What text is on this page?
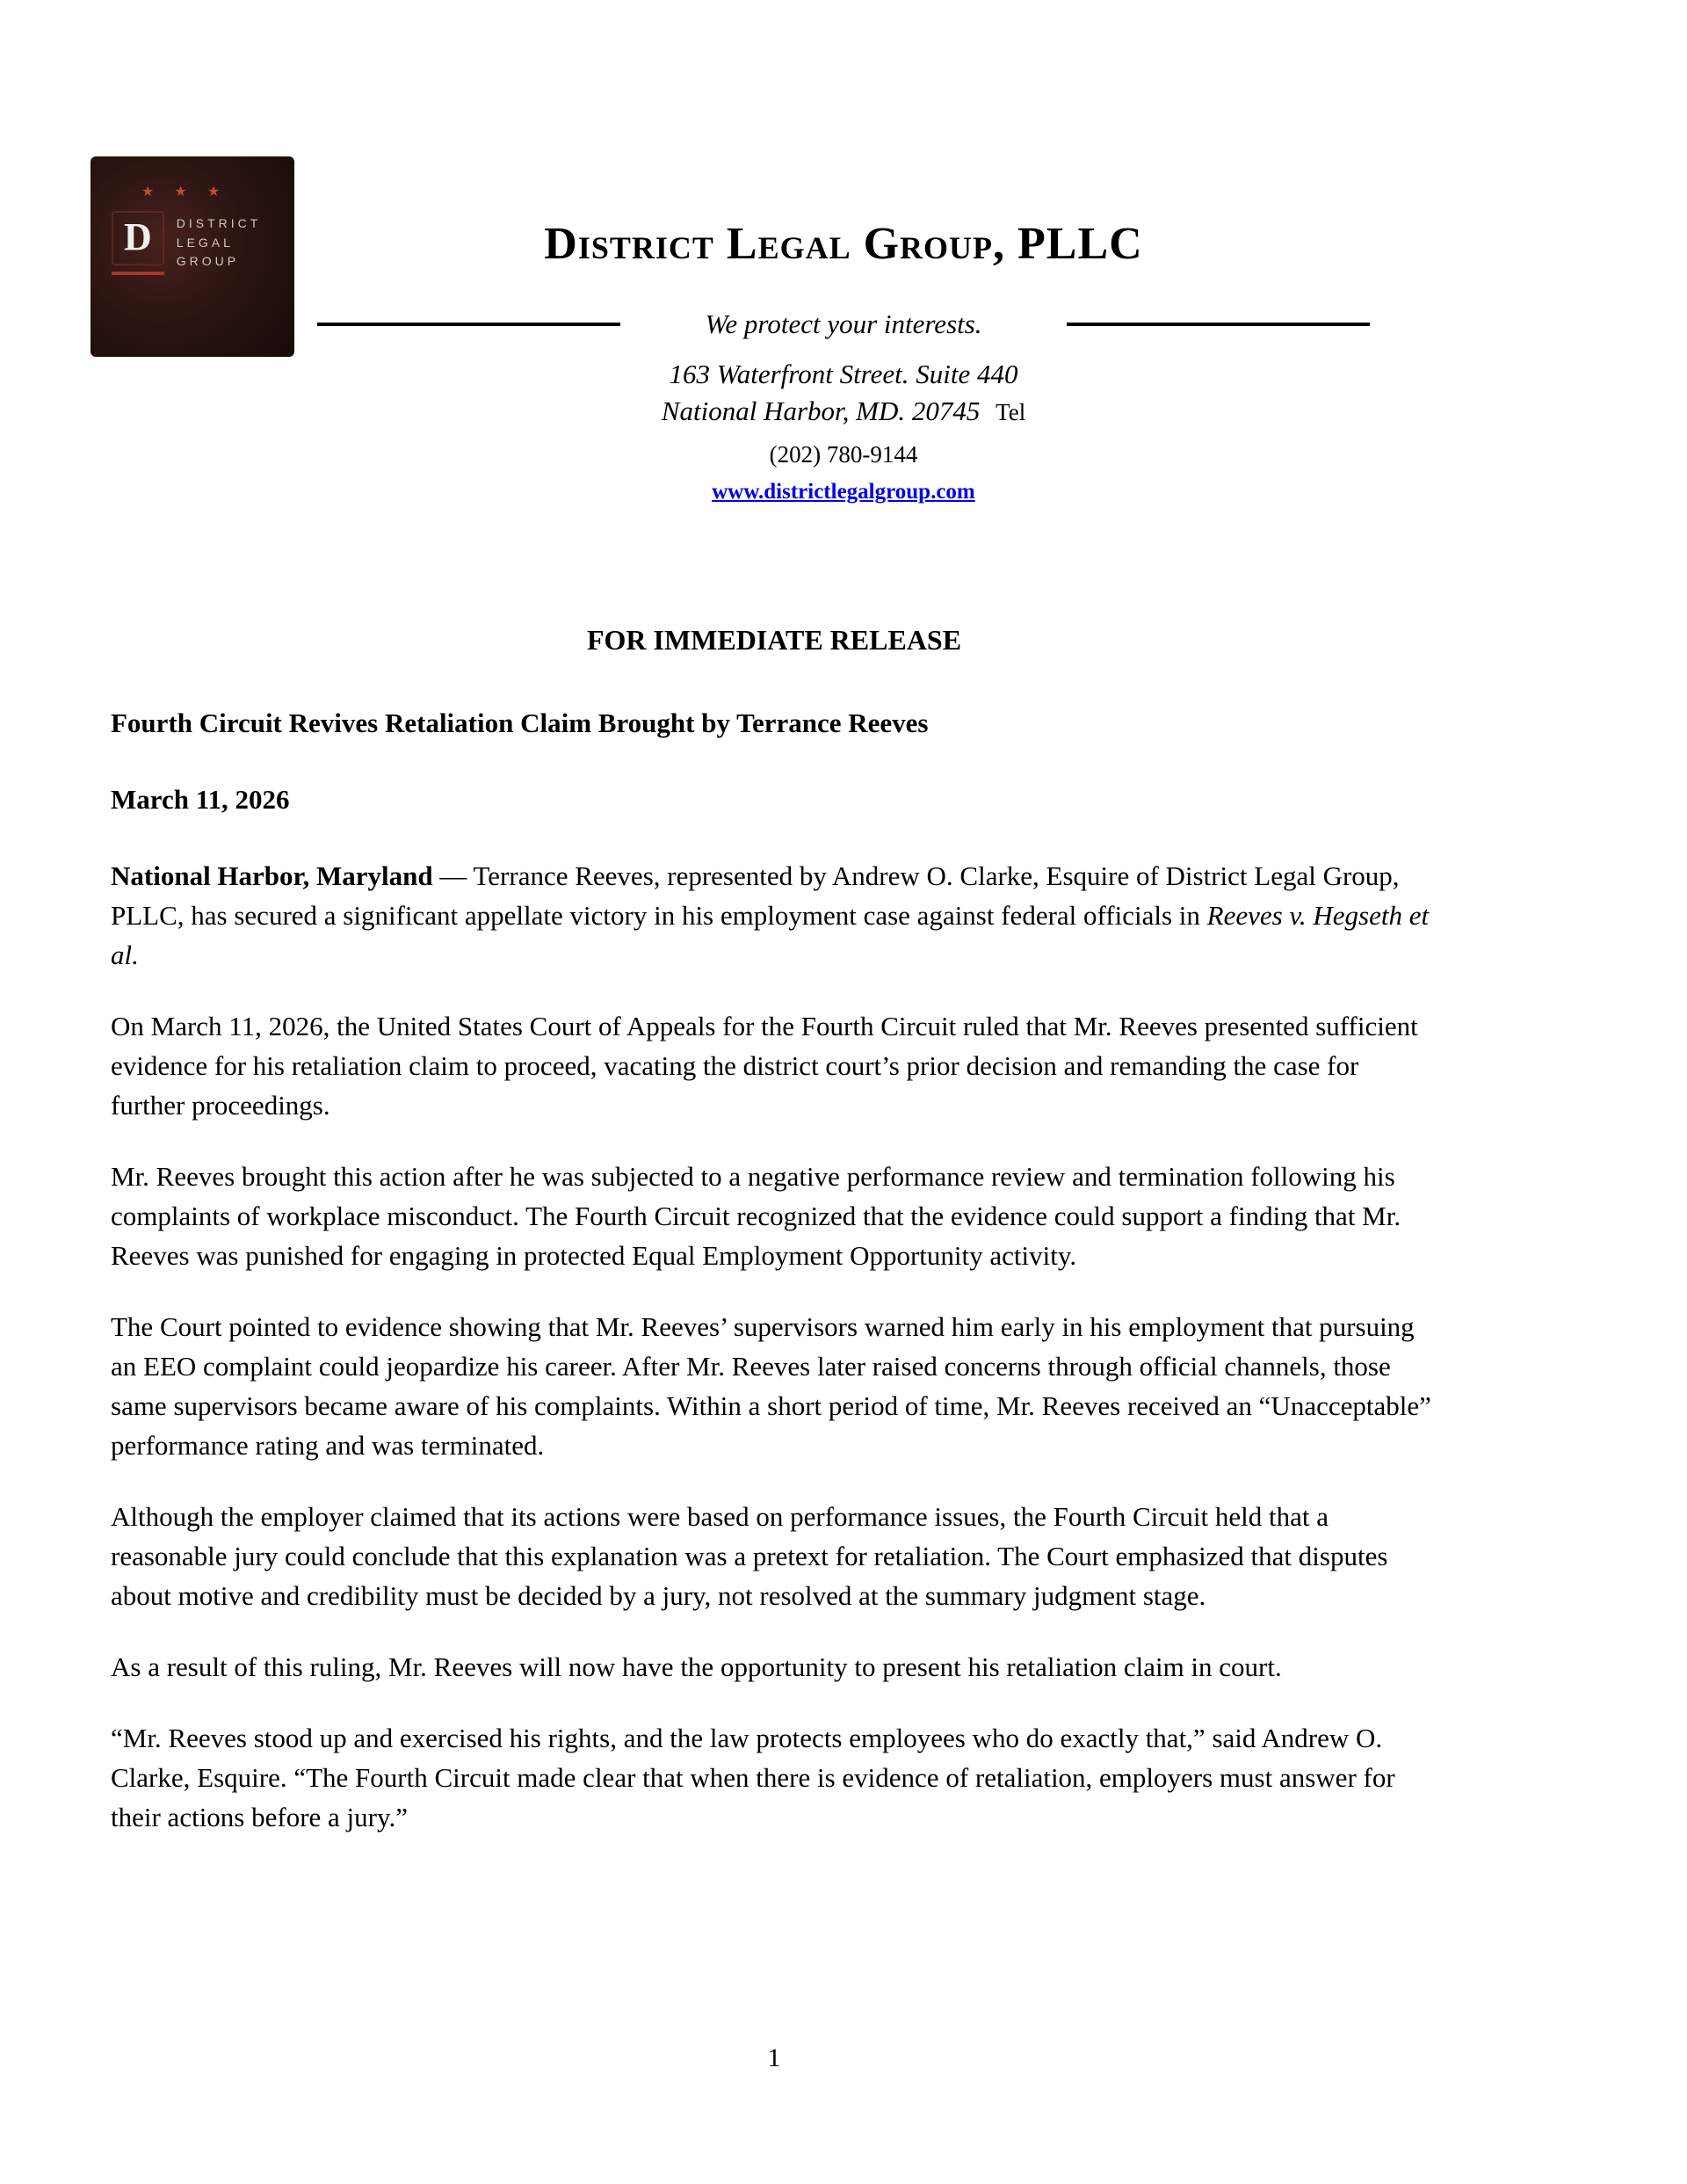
★ ★ ★
D	DISTRICT
LEGAL
GROUP	District Legal Group, PLLC
We protect your interests.
163 Waterfront Street. Suite 440
National Harbor, MD. 20745 Tel
(202) 780-9144
www.districtlegalgroup.com
FOR IMMEDIATE RELEASE
Fourth Circuit Revives Retaliation Claim Brought by Terrance Reeves
March 11, 2026

National Harbor, Maryland — Terrance Reeves, represented by Andrew O. Clarke, Esquire of District Legal Group, PLLC, has secured a significant appellate victory in his employment case against federal officials in Reeves v. Hegseth et al.

On March 11, 2026, the United States Court of Appeals for the Fourth Circuit ruled that Mr. Reeves presented sufficient evidence for his retaliation claim to proceed, vacating the district court’s prior decision and remanding the case for further proceedings.

Mr. Reeves brought this action after he was subjected to a negative performance review and termination following his complaints of workplace misconduct. The Fourth Circuit recognized that the evidence could support a finding that Mr. Reeves was punished for engaging in protected Equal Employment Opportunity activity.

The Court pointed to evidence showing that Mr. Reeves’ supervisors warned him early in his employment that pursuing an EEO complaint could jeopardize his career. After Mr. Reeves later raised concerns through official channels, those same supervisors became aware of his complaints. Within a short period of time, Mr. Reeves received an “Unacceptable” performance rating and was terminated.

Although the employer claimed that its actions were based on performance issues, the Fourth Circuit held that a reasonable jury could conclude that this explanation was a pretext for retaliation. The Court emphasized that disputes about motive and credibility must be decided by a jury, not resolved at the summary judgment stage.

As a result of this ruling, Mr. Reeves will now have the opportunity to present his retaliation claim in court.

“Mr. Reeves stood up and exercised his rights, and the law protects employees who do exactly that,” said Andrew O. Clarke, Esquire. “The Fourth Circuit made clear that when there is evidence of retaliation, employers must answer for their actions before a jury.”

1
